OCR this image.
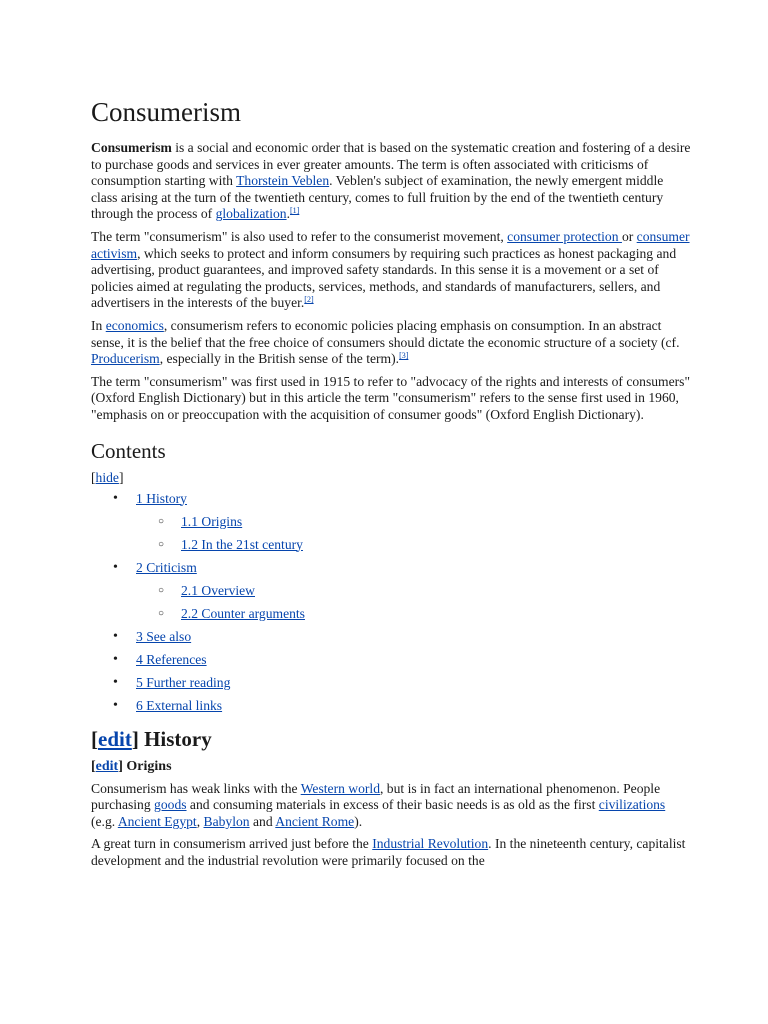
Consumerism

Consumerism is a social and economic order that is based on the systematic creation and fostering of a desire to purchase goods and services in ever greater amounts. The term is often associated with criticisms of consumption starting with Thorstein Veblen. Veblen's subject of examination, the newly emergent middle class arising at the turn of the twentieth century, comes to full fruition by the end of the twentieth century through the process of globalization.[1]

The term "consumerism" is also used to refer to the consumerist movement, consumer protection or consumer activism, which seeks to protect and inform consumers by requiring such practices as honest packaging and advertising, product guarantees, and improved safety standards. In this sense it is a movement or a set of policies aimed at regulating the products, services, methods, and standards of manufacturers, sellers, and advertisers in the interests of the buyer.[2]

In economics, consumerism refers to economic policies placing emphasis on consumption. In an abstract sense, it is the belief that the free choice of consumers should dictate the economic structure of a society (cf. Producerism, especially in the British sense of the term).[3]

The term "consumerism" was first used in 1915 to refer to "advocacy of the rights and interests of consumers" (Oxford English Dictionary) but in this article the term "consumerism" refers to the sense first used in 1960, "emphasis on or preoccupation with the acquisition of consumer goods" (Oxford English Dictionary).

Contents
[hide]
• 1 History
○ 1.1 Origins
○ 1.2 In the 21st century
• 2 Criticism
○ 2.1 Overview
○ 2.2 Counter arguments
• 3 See also
• 4 References
• 5 Further reading
• 6 External links
[edit] History
[edit] Origins

Consumerism has weak links with the Western world, but is in fact an international phenomenon. People purchasing goods and consuming materials in excess of their basic needs is as old as the first civilizations (e.g. Ancient Egypt, Babylon and Ancient Rome).

A great turn in consumerism arrived just before the Industrial Revolution. In the nineteenth century, capitalist development and the industrial revolution were primarily focused on the
